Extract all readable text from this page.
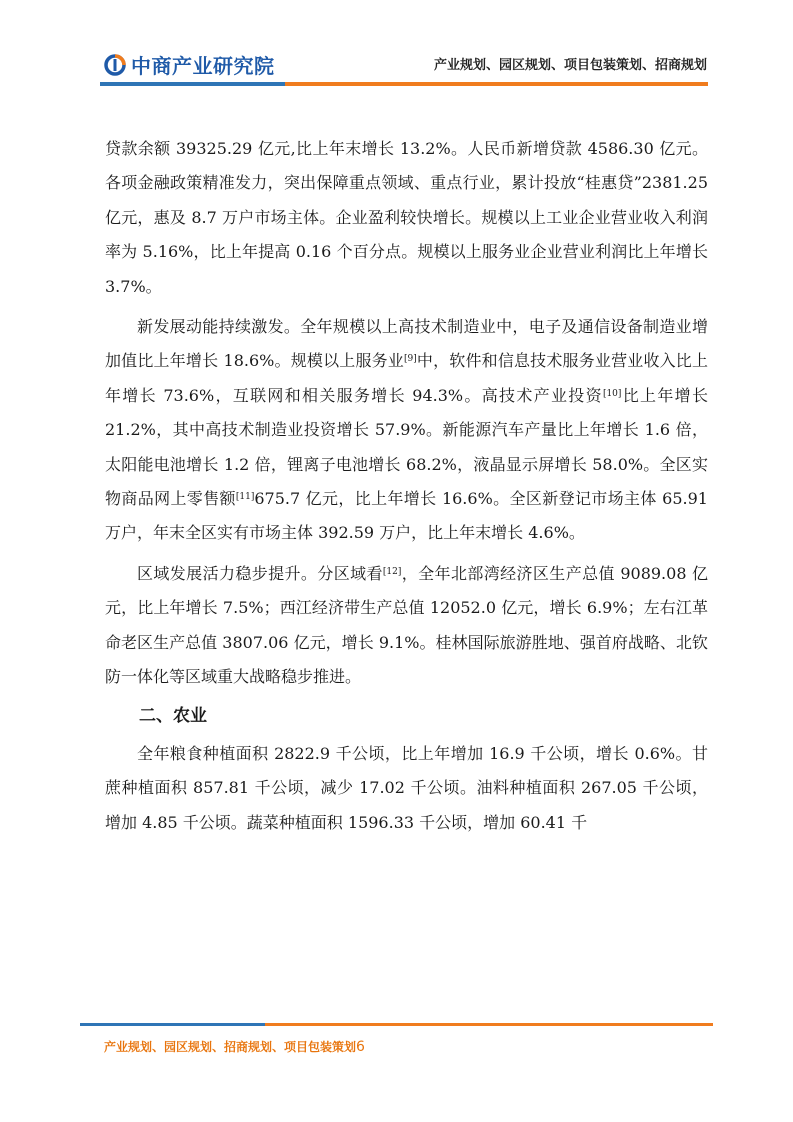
中商产业研究院	产业规划、园区规划、项目包装策划、招商规划

贷款余额 39325.29 亿元,比上年末增长 13.2%。人民币新增贷款 4586.30 亿元。各项金融政策精准发力，突出保障重点领域、重点行业，累计投放“桂惠贷”2381.25 亿元，惠及 8.7 万户市场主体。企业盈利较快增长。规模以上工业企业营业收入利润率为 5.16%，比上年提高 0.16 个百分点。规模以上服务业企业营业利润比上年增长 3.7%。

新发展动能持续激发。全年规模以上高技术制造业中，电子及通信设备制造业增加值比上年增长 18.6%。规模以上服务业[9]中，软件和信息技术服务业营业收入比上年增长 73.6%，互联网和相关服务增长 94.3%。高技术产业投资[10]比上年增长 21.2%，其中高技术制造业投资增长 57.9%。新能源汽车产量比上年增长 1.6 倍，太阳能电池增长 1.2 倍，锂离子电池增长 68.2%，液晶显示屏增长 58.0%。全区实物商品网上零售额[11]675.7 亿元，比上年增长 16.6%。全区新登记市场主体 65.91 万户，年末全区实有市场主体 392.59 万户，比上年末增长 4.6%。

区域发展活力稳步提升。分区域看[12]，全年北部湾经济区生产总值 9089.08 亿元，比上年增长 7.5%；西江经济带生产总值 12052.0 亿元，增长 6.9%；左右江革命老区生产总值 3807.06 亿元，增长 9.1%。桂林国际旅游胜地、强首府战略、北钦防一体化等区域重大战略稳步推进。

二、农业

全年粮食种植面积 2822.9 千公顷，比上年增加 16.9 千公顷，增长 0.6%。甘蔗种植面积 857.81 千公顷，减少 17.02 千公顷。油料种植面积 267.05 千公顷，增加 4.85 千公顷。蔬菜种植面积 1596.33 千公顷，增加 60.41 千

产业规划、园区规划、招商规划、项目包装策划6
